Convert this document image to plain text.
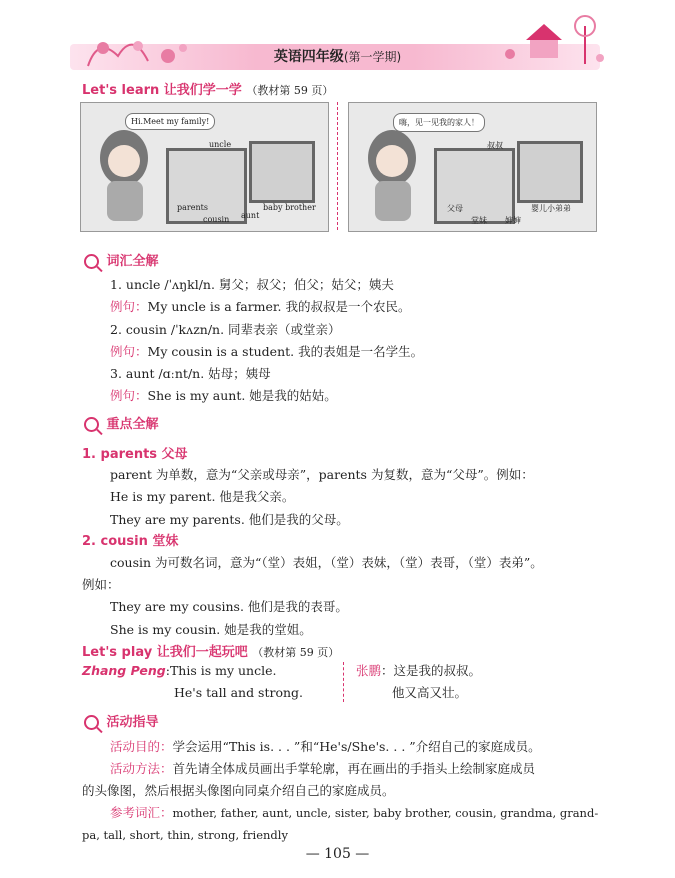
英语四年级(第一学期)
Let's learn 让我们学一学 （教材第 59 页）
Hi.Meet my family!
uncle
parents
cousin aunt
baby brother
嗨，见一见我的家人！
叔叔
父母
堂妹 婶婶
婴儿小弟弟
词汇全解
1. uncle /ˈʌŋkl/n. 舅父；叔父；伯父；姑父；姨夫
例句：My uncle is a farmer. 我的叔叔是一个农民。
2. cousin /ˈkʌzn/n. 同辈表亲（或堂亲）
例句：My cousin is a student. 我的表姐是一名学生。
3. aunt /ɑːnt/n. 姑母；姨母
例句：She is my aunt. 她是我的姑姑。
重点全解
1. parents 父母
parent 为单数，意为“父亲或母亲”，parents 为复数，意为“父母”。例如：
He is my parent. 他是我父亲。
They are my parents. 他们是我的父母。
2. cousin 堂妹
cousin 为可数名词，意为“（堂）表姐，（堂）表妹，（堂）表哥，（堂）表弟”。
例如：
They are my cousins. 他们是我的表哥。
She is my cousin. 她是我的堂姐。
Let's play 让我们一起玩吧 （教材第 59 页）
Zhang Peng:This is my uncle.
He's tall and strong.
张鹏：这是我的叔叔。
他又高又壮。
活动指导
活动目的：学会运用“This is. . . ”和“He's/She's. . . ”介绍自己的家庭成员。
活动方法：首先请全体成员画出手掌轮廓，再在画出的手指头上绘制家庭成员
的头像图，然后根据头像图向同桌介绍自己的家庭成员。
参考词汇：mother, father, aunt, uncle, sister, baby brother, cousin, grandma, grand-
pa, tall, short, thin, strong, friendly
— 105 —
